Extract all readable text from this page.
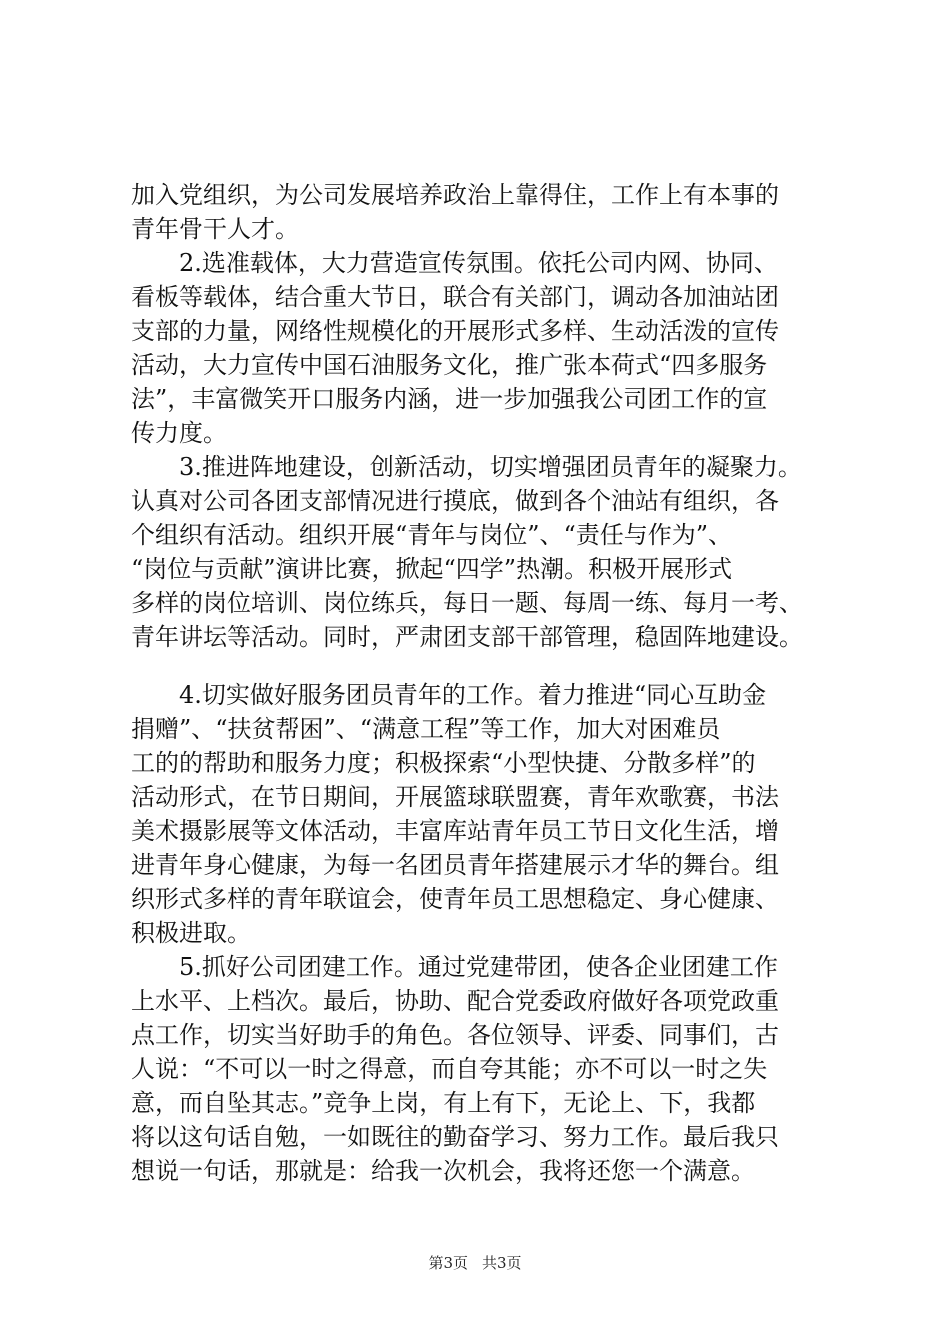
加入党组织，为公司发展培养政治上靠得住，工作上有本事的
青年骨干人才。
　　2.选准载体，大力营造宣传氛围。依托公司内网、协同、
看板等载体，结合重大节日，联合有关部门，调动各加油站团
支部的力量，网络性规模化的开展形式多样、生动活泼的宣传
活动，大力宣传中国石油服务文化，推广张本荷式“四多服务
法”，丰富微笑开口服务内涵，进一步加强我公司团工作的宣
传力度。
　　3.推进阵地建设，创新活动，切实增强团员青年的凝聚力。
认真对公司各团支部情况进行摸底，做到各个油站有组织，各
个组织有活动。组织开展“青年与岗位”、“责任与作为”、
“岗位与贡献”演讲比赛，掀起“四学”热潮。积极开展形式
多样的岗位培训、岗位练兵，每日一题、每周一练、每月一考、
青年讲坛等活动。同时，严肃团支部干部管理，稳固阵地建设。
　　4.切实做好服务团员青年的工作。着力推进“同心互助金
捐赠”、“扶贫帮困”、“满意工程”等工作，加大对困难员
工的的帮助和服务力度；积极探索“小型快捷、分散多样”的
活动形式，在节日期间，开展篮球联盟赛，青年欢歌赛，书法
美术摄影展等文体活动，丰富库站青年员工节日文化生活，增
进青年身心健康，为每一名团员青年搭建展示才华的舞台。组
织形式多样的青年联谊会，使青年员工思想稳定、身心健康、
积极进取。
　　5.抓好公司团建工作。通过党建带团，使各企业团建工作
上水平、上档次。最后，协助、配合党委政府做好各项党政重
点工作，切实当好助手的角色。各位领导、评委、同事们，古
人说：“不可以一时之得意，而自夸其能；亦不可以一时之失
意，而自坠其志。”竞争上岗，有上有下，无论上、下，我都
将以这句话自勉，一如既往的勤奋学习、努力工作。最后我只
想说一句话，那就是：给我一次机会，我将还您一个满意。
第3页 共3页
